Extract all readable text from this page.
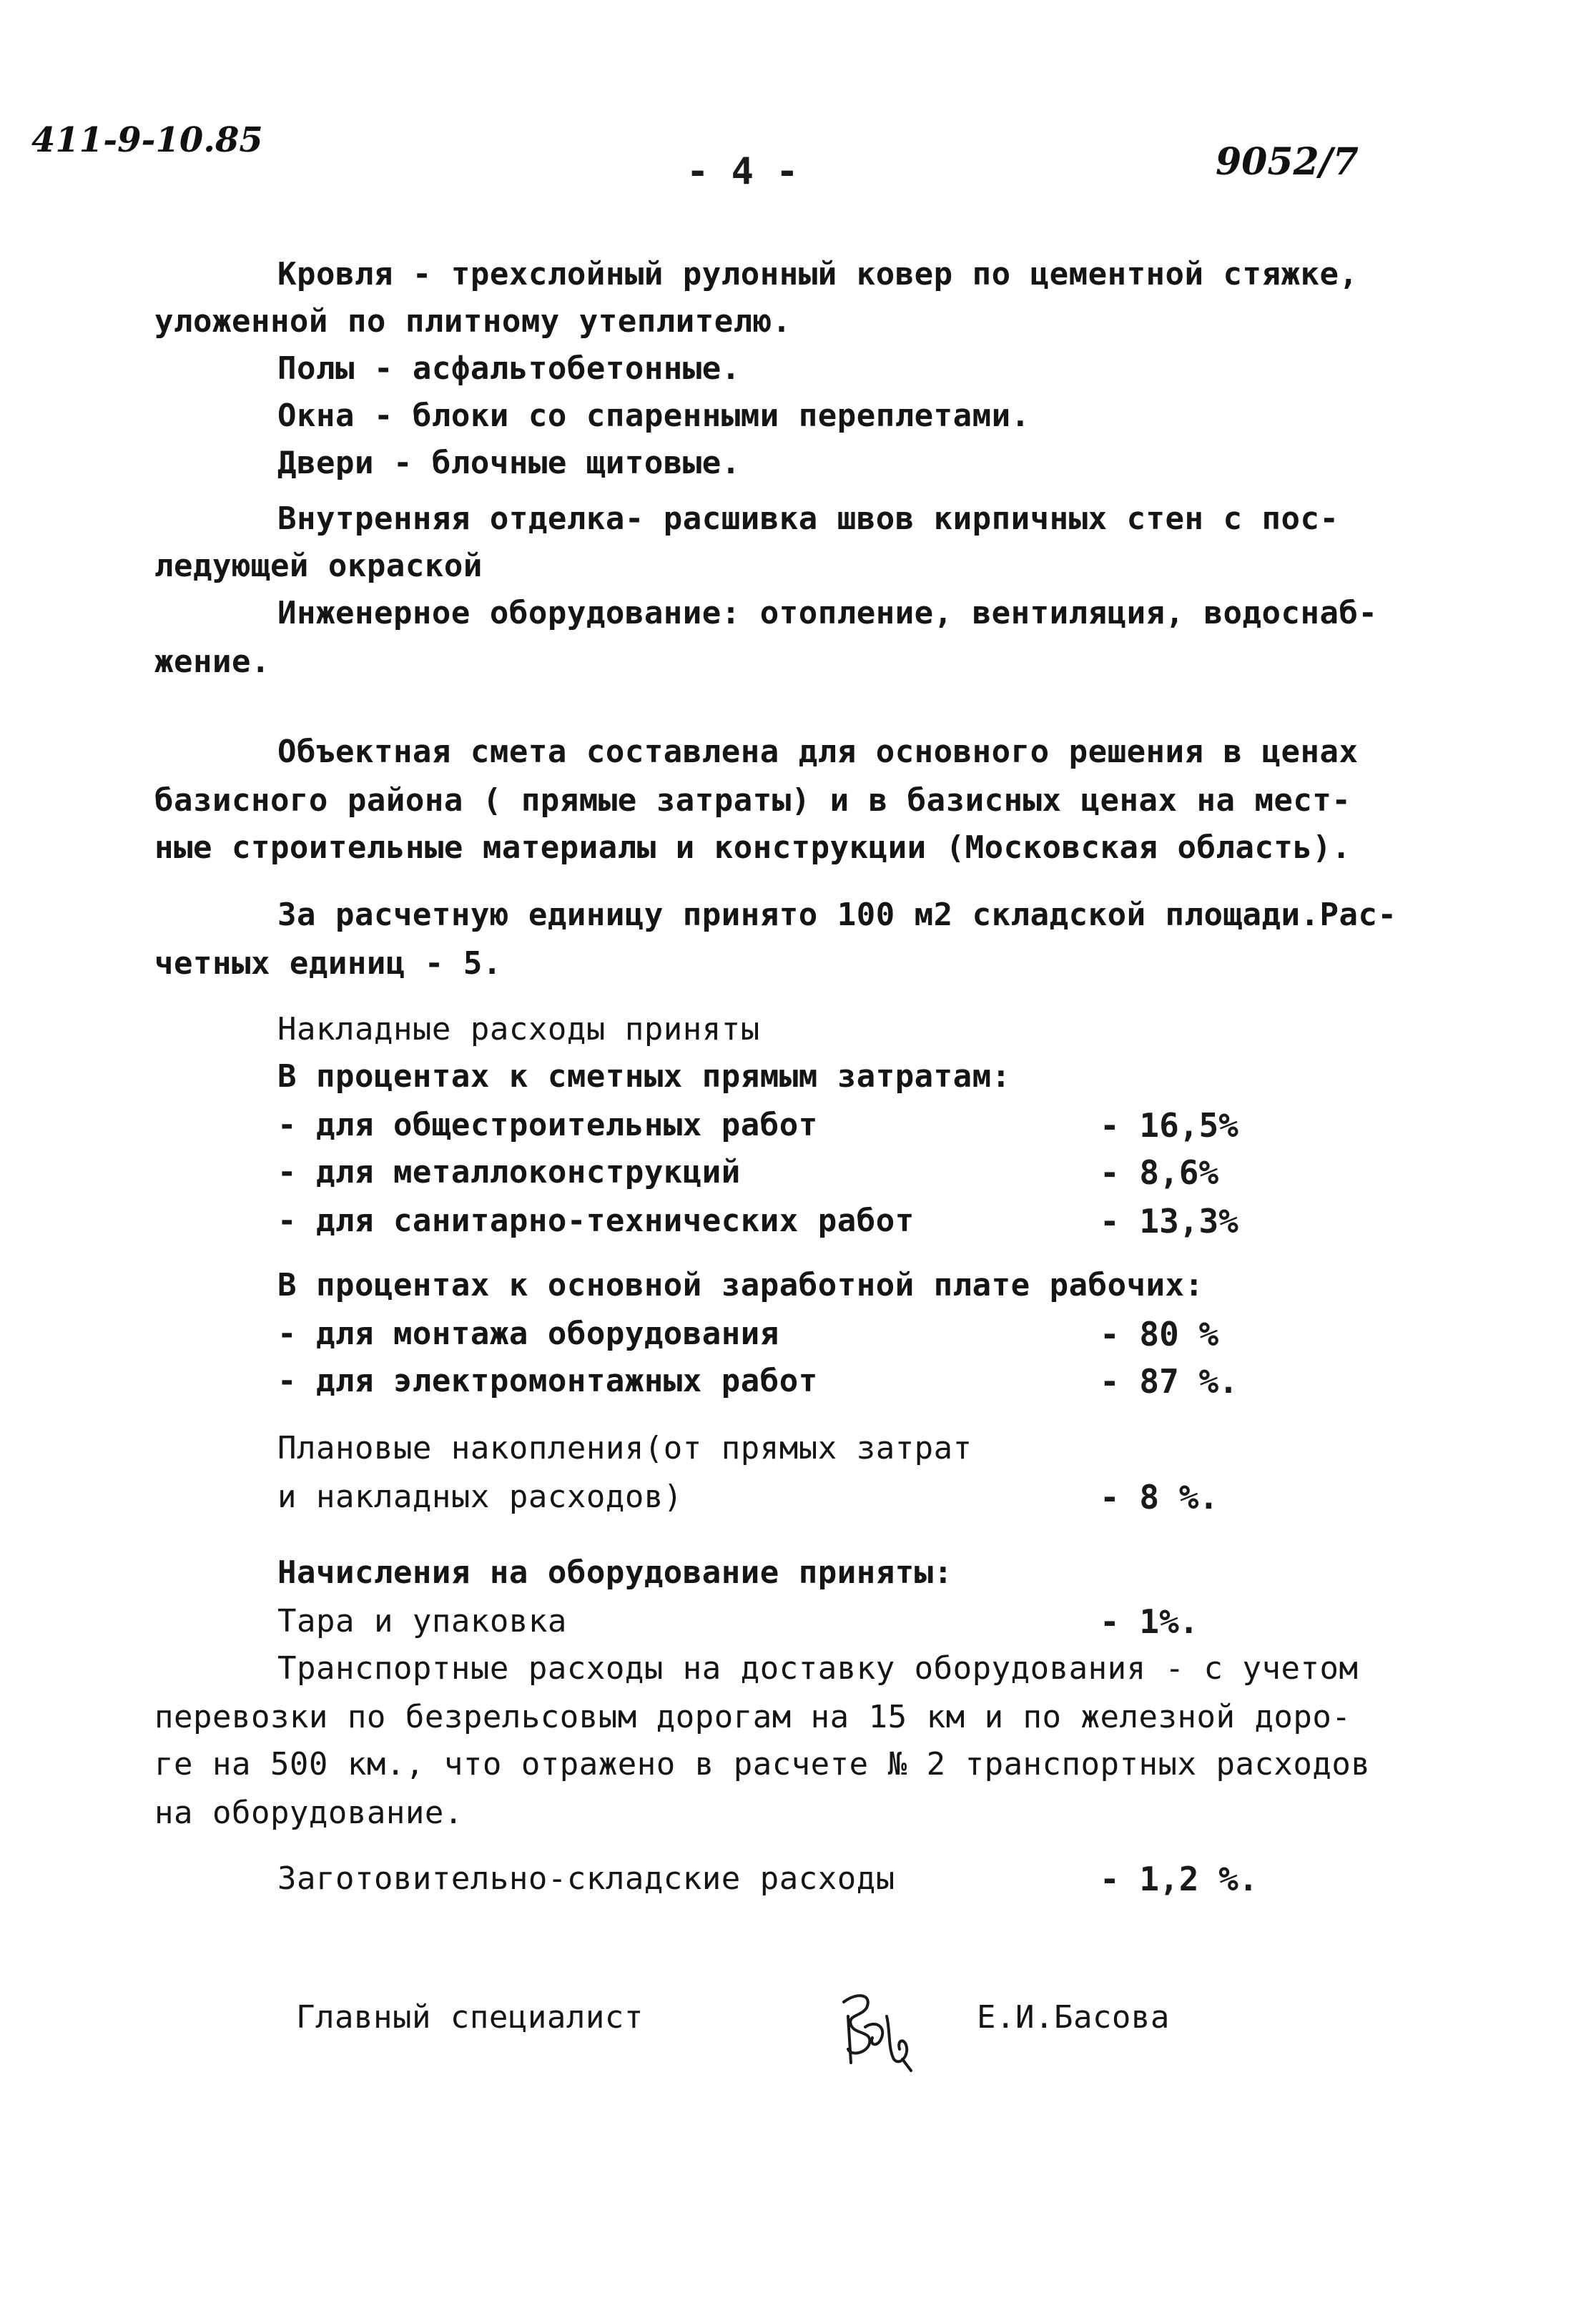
411-9-10.85
- 4 -	9052/7
Кровля - трехслойный рулонный ковер по цементной стяжке,
уложенной по плитному утеплителю.
Полы - асфальтобетонные.
Окна - блоки со спаренными переплетами.
Двери - блочные щитовые.
Внутренняя отделка- расшивка швов кирпичных стен с пос-
ледующей окраской
Инженерное оборудование: отопление, вентиляция, водоснаб-
жение.
Объектная смета составлена для основного решения в ценах
базисного района ( прямые затраты) и в базисных ценах на мест-
ные строительные материалы и конструкции (Московская область).
За расчетную единицу принято 100 м2 складской площади.Рас-
четных единиц - 5.
Накладные расходы приняты
В процентах к сметных прямым затратам:
- для общестроительных работ	- 16,5%
- для металлоконструкций	- 8,6%
- для санитарно-технических работ	- 13,3%
В процентах к основной заработной плате рабочих:
- для монтажа оборудования	- 80 %
- для электромонтажных работ	- 87 %.
Плановые накопления(от прямых затрат
и накладных расходов)	- 8 %.
Начисления на оборудование приняты:
Тара и упаковка	- 1%.
Транспортные расходы на доставку оборудования - с учетом
перевозки по безрельсовым дорогам на 15 км и по железной доро-
ге на 500 км., что отражено в расчете № 2 транспортных расходов
на оборудование.
Заготовительно-складские расходы	- 1,2 %.
Главный специалист	Е.И.Басова
